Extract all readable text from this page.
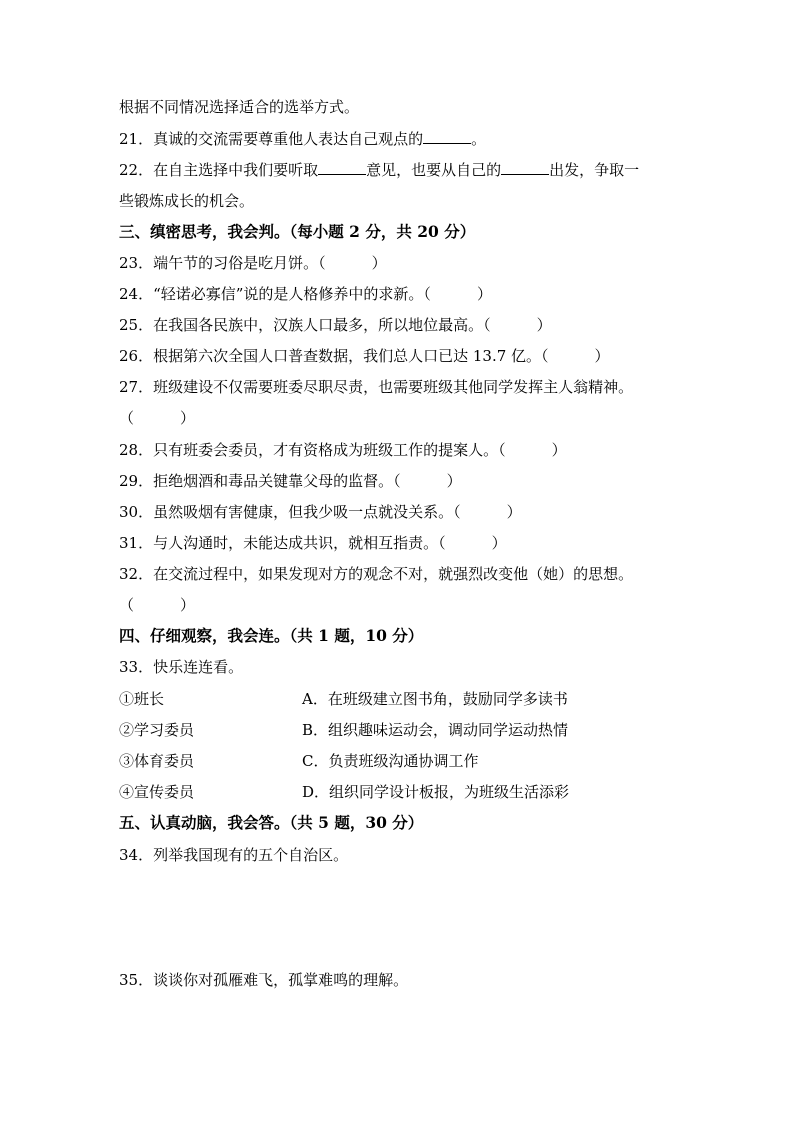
根据不同情况选择适合的选举方式。
21．真诚的交流需要尊重他人表达自己观点的	。
22．在自主选择中我们要听取	意见，也要从自己的	出发，争取一
些锻炼成长的机会。
三、缜密思考，我会判。（每小题 2 分，共 20 分）
23．端午节的习俗是吃月饼。（	）
24．“轻诺必寡信”说的是人格修养中的求新。（	）
25．在我国各民族中，汉族人口最多，所以地位最高。（	）
26．根据第六次全国人口普查数据，我们总人口已达 13.7 亿。（	）
27．班级建设不仅需要班委尽职尽责，也需要班级其他同学发挥主人翁精神。
（	）
28．只有班委会委员，才有资格成为班级工作的提案人。（	）
29．拒绝烟酒和毒品关键靠父母的监督。（	）
30．虽然吸烟有害健康，但我少吸一点就没关系。（	）
31．与人沟通时，未能达成共识，就相互指责。（	）
32．在交流过程中，如果发现对方的观念不对，就强烈改变他（她）的思想。
（	）
四、仔细观察，我会连。（共 1 题，10 分）
33．快乐连连看。
①班长	A．在班级建立图书角，鼓励同学多读书
②学习委员	B．组织趣味运动会，调动同学运动热情
③体育委员	C．负责班级沟通协调工作
④宣传委员	D．组织同学设计板报，为班级生活添彩
五、认真动脑，我会答。（共 5 题，30 分）
34．列举我国现有的五个自治区。
35．谈谈你对孤雁难飞，孤掌难鸣的理解。
